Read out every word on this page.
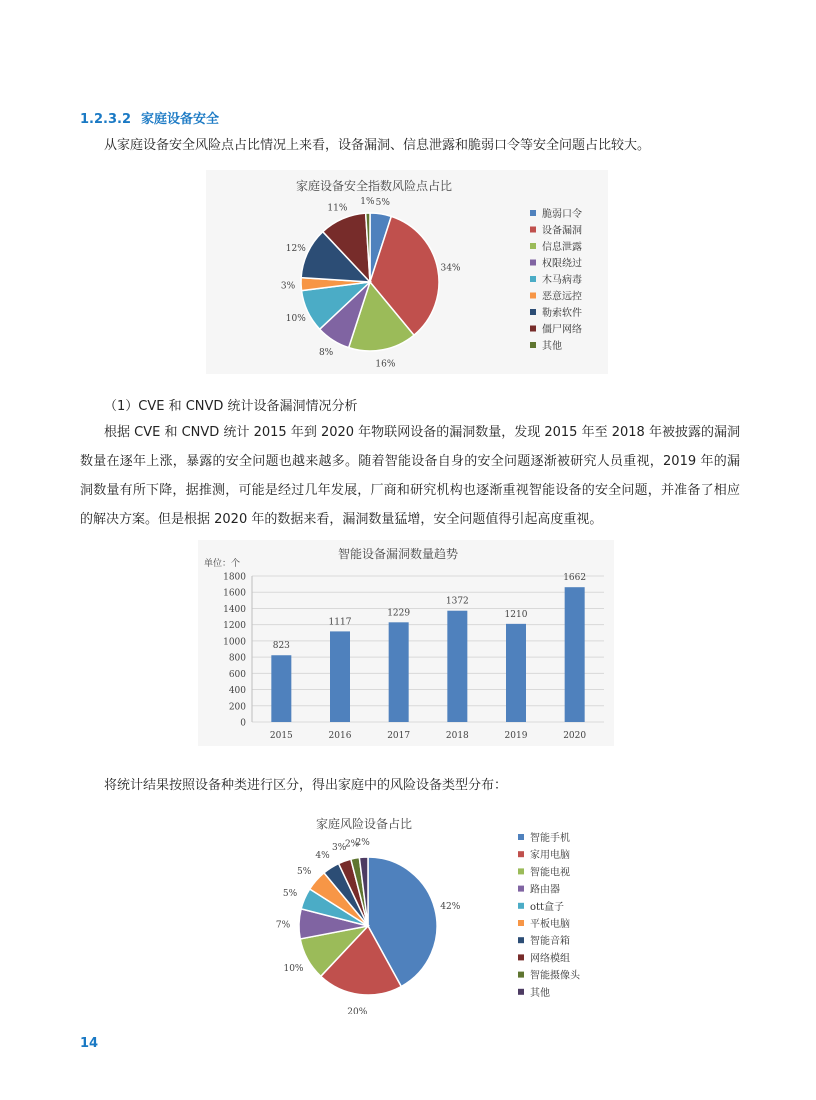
1.2.3.2 家庭设备安全
从家庭设备安全风险点占比情况上来看，设备漏洞、信息泄露和脆弱口令等安全问题占比较大。
家庭设备安全指数风险点占比
5%
34%
16%
8%
10%
3%
12%
11%
1%
脆弱口令
设备漏洞
信息泄露
权限绕过
木马病毒
恶意远控
勒索软件
僵尸网络
其他
（1）CVE 和 CNVD 统计设备漏洞情况分析
根据 CVE 和 CNVD 统计 2015 年到 2020 年物联网设备的漏洞数量，发现 2015 年至 2018 年被披露的漏洞数量在逐年上涨，暴露的安全问题也越来越多。随着智能设备自身的安全问题逐渐被研究人员重视，2019 年的漏洞数量有所下降，据推测，可能是经过几年发展，厂商和研究机构也逐渐重视智能设备的安全问题，并准备了相应的解决方案。但是根据 2020 年的数据来看，漏洞数量猛增，安全问题值得引起高度重视。
智能设备漏洞数量趋势
单位：个
0
200
400
600
800
1000
1200
1400
1600
1800
823
2015
1117
2016
1229
2017
1372
2018
1210
2019
1662
2020
将统计结果按照设备种类进行区分，得出家庭中的风险设备类型分布：
家庭风险设备占比
42%
20%
10%
7%
5%
5%
4%
3%
2%
2%	智能手机
家用电脑
智能电视
路由器
ott盒子
平板电脑
智能音箱
网络模组
智能摄像头
其他
14
